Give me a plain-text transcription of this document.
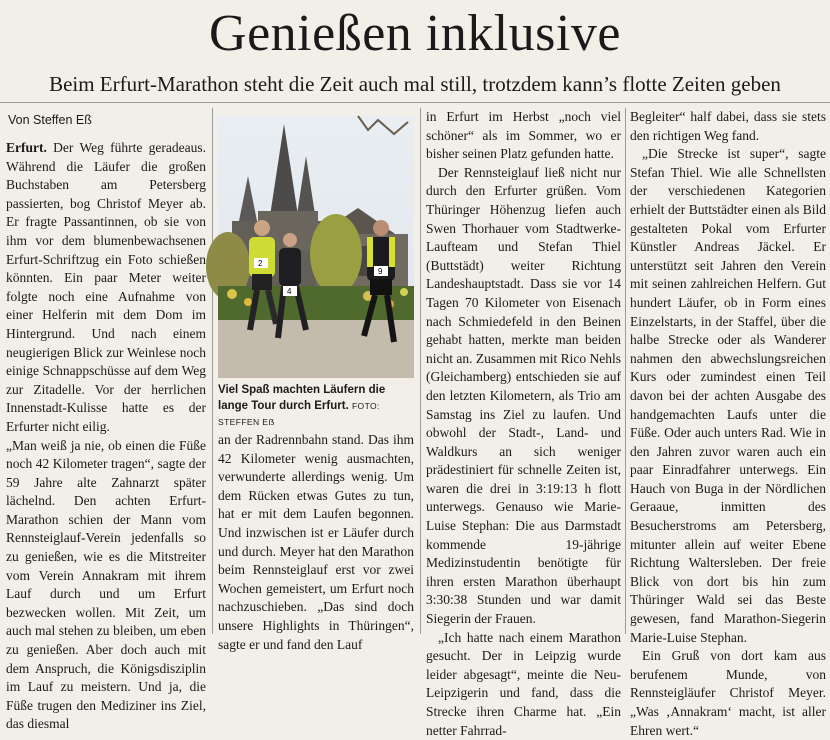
Genießen inklusive
Beim Erfurt-Marathon steht die Zeit auch mal still, trotzdem kann’s flotte Zeiten geben
Von Steffen Eß

Erfurt. Der Weg führte geradeaus. Während die Läufer die großen Buchstaben am Petersberg passierten, bog Christof Meyer ab. Er fragte Passantinnen, ob sie von ihm vor dem blumenbewachsenen Erfurt-Schriftzug ein Foto schießen könnten. Ein paar Meter weiter folgte noch eine Aufnahme von einer Helferin mit dem Dom im Hintergrund. Und nach einem neugierigen Blick zur Weinlese noch einige Schnappschüsse auf dem Weg zur Zitadelle. Vor der herrlichen Innenstadt-Kulisse hatte es der Erfurter nicht eilig.

„Man weiß ja nie, ob einen die Füße noch 42 Kilometer tragen“, sagte der 59 Jahre alte Zahnarzt später lächelnd. Den achten Erfurt-Marathon schien der Mann vom Rennsteiglauf-Verein jedenfalls so zu genießen, wie es die Mitstreiter vom Verein Annakram mit ihrem Lauf durch und um Erfurt bezwecken wollen. Mit Zeit, um auch mal stehen zu bleiben, um eben zu genießen. Aber doch auch mit dem Anspruch, die Königsdisziplin im Lauf zu meistern. Und ja, die Füße trugen den Mediziner ins Ziel, das diesmal

2
4
9
Viel Spaß machten Läufern die lange Tour durch Erfurt. FOTO: STEFFEN Eẞ

an der Radrennbahn stand. Das ihm 42 Kilometer wenig ausmachten, verwunderte allerdings wenig. Um dem Rücken etwas Gutes zu tun, hat er mit dem Laufen begonnen. Und inzwischen ist er Läufer durch und durch. Meyer hat den Marathon beim Rennsteiglauf erst vor zwei Wochen gemeistert, um Erfurt noch nachzuschieben. „Das sind doch unsere Highlights in Thüringen“, sagte er und fand den Lauf

in Erfurt im Herbst „noch viel schöner“ als im Sommer, wo er bisher seinen Platz gefunden hatte.

Der Rennsteiglauf ließ nicht nur durch den Erfurter grüßen. Vom Thüringer Höhenzug liefen auch Swen Thorhauer vom Stadtwerke-Laufteam und Stefan Thiel (Buttstädt) weiter Richtung Landeshauptstadt. Dass sie vor 14 Tagen 70 Kilometer von Eisenach nach Schmiedefeld in den Beinen gehabt hatten, merkte man beiden nicht an. Zusammen mit Rico Nehls (Gleichamberg) entschieden sie auf den letzten Kilometern, als Trio am Samstag ins Ziel zu laufen. Und obwohl der Stadt-, Land- und Waldkurs an sich weniger prädestiniert für schnelle Zeiten ist, waren die drei in 3:19:13 h flott unterwegs. Genauso wie Marie-Luise Stephan: Die aus Darmstadt kommende 19-jährige Medizinstudentin benötigte für ihren ersten Marathon überhaupt 3:30:38 Stunden und war damit Siegerin der Frauen.

„Ich hatte nach einem Marathon gesucht. Der in Leipzig wurde leider abgesagt“, meinte die Neu-Leipzigerin und fand, dass die Strecke ihren Charme hat. „Ein netter Fahrrad-

Begleiter“ half dabei, dass sie stets den richtigen Weg fand.

„Die Strecke ist super“, sagte Stefan Thiel. Wie alle Schnellsten der verschiedenen Kategorien erhielt der Buttstädter einen als Bild gestalteten Pokal vom Erfurter Künstler Andreas Jäckel. Er unterstützt seit Jahren den Verein mit seinen zahlreichen Helfern. Gut hundert Läufer, ob in Form eines Einzelstarts, in der Staffel, über die halbe Strecke oder als Wanderer nahmen den abwechslungsreichen Kurs oder zumindest einen Teil davon bei der achten Ausgabe des handgemachten Laufs unter die Füße. Oder auch unters Rad. Wie in den Jahren zuvor waren auch ein paar Einradfahrer unterwegs. Ein Hauch von Buga in der Nördlichen Geraaue, inmitten des Besucherstroms am Petersberg, mitunter allein auf weiter Ebene Richtung Waltersleben. Der freie Blick von dort bis hin zum Thüringer Wald sei das Beste gewesen, fand Marathon-Siegerin Marie-Luise Stephan.

Ein Gruß von dort kam aus berufenem Munde, von Rennsteigläufer Christof Meyer. „Was ‚Annakram‘ macht, ist aller Ehren wert.“
